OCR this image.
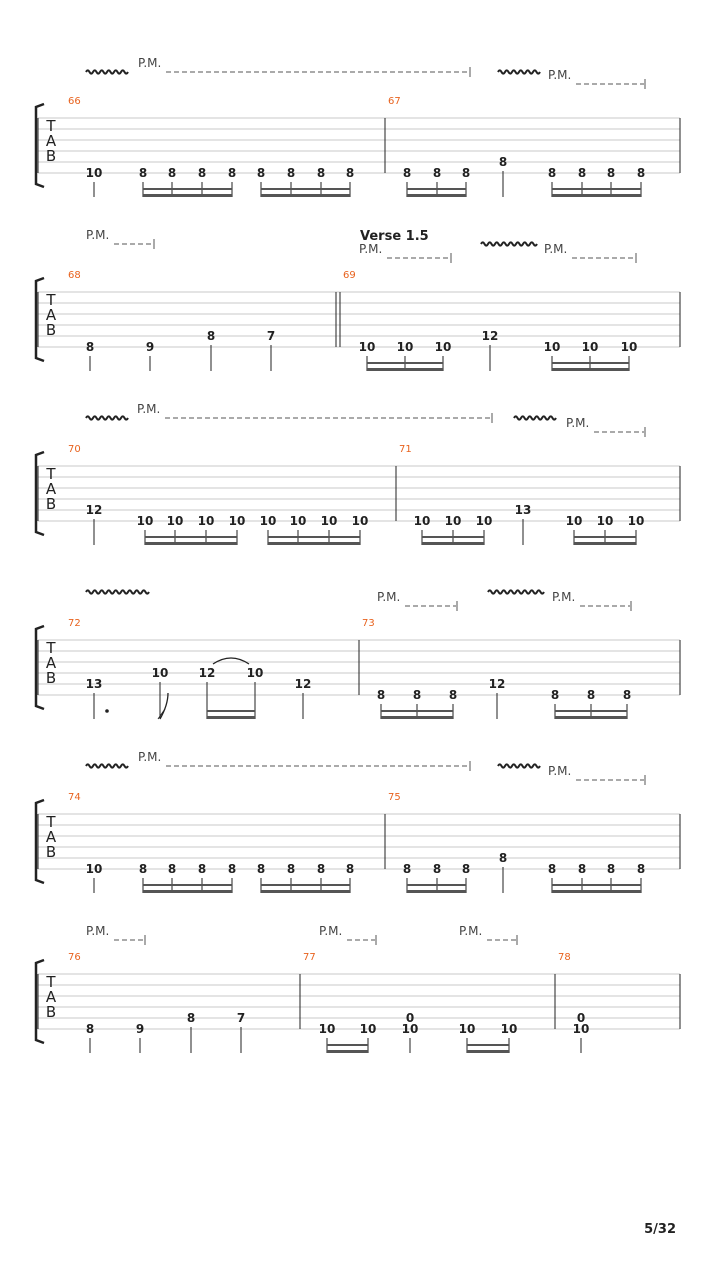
T
A
B
P.M.
P.M.
66
10	8 8 8 8 8 8 8 8
67
8 8 8
8
8 8 8 8
T
A
B
Verse 1.5
P.M.
P.M.	P.M.
68
8	9
8	7
69
10 10 10
12
10 10 10
T
A
B
P.M.
P.M.
70
12
10 10 10 10 10 10 10 10
71
10 10 10
13
10 10 10
T
A
B
P.M.	P.M.
72
13
10	12	10
12
73
8 8 8
12
8 8 8
T
A
B
P.M.
P.M.
74
10	8 8 8 8 8 8 8 8
75
8 8 8
8
8 8 8 8
T
A
B
P.M.	P.M.	P.M.
76
8	9
8	7
77
10 10
0
10	10 10
78
0
10
5/32
